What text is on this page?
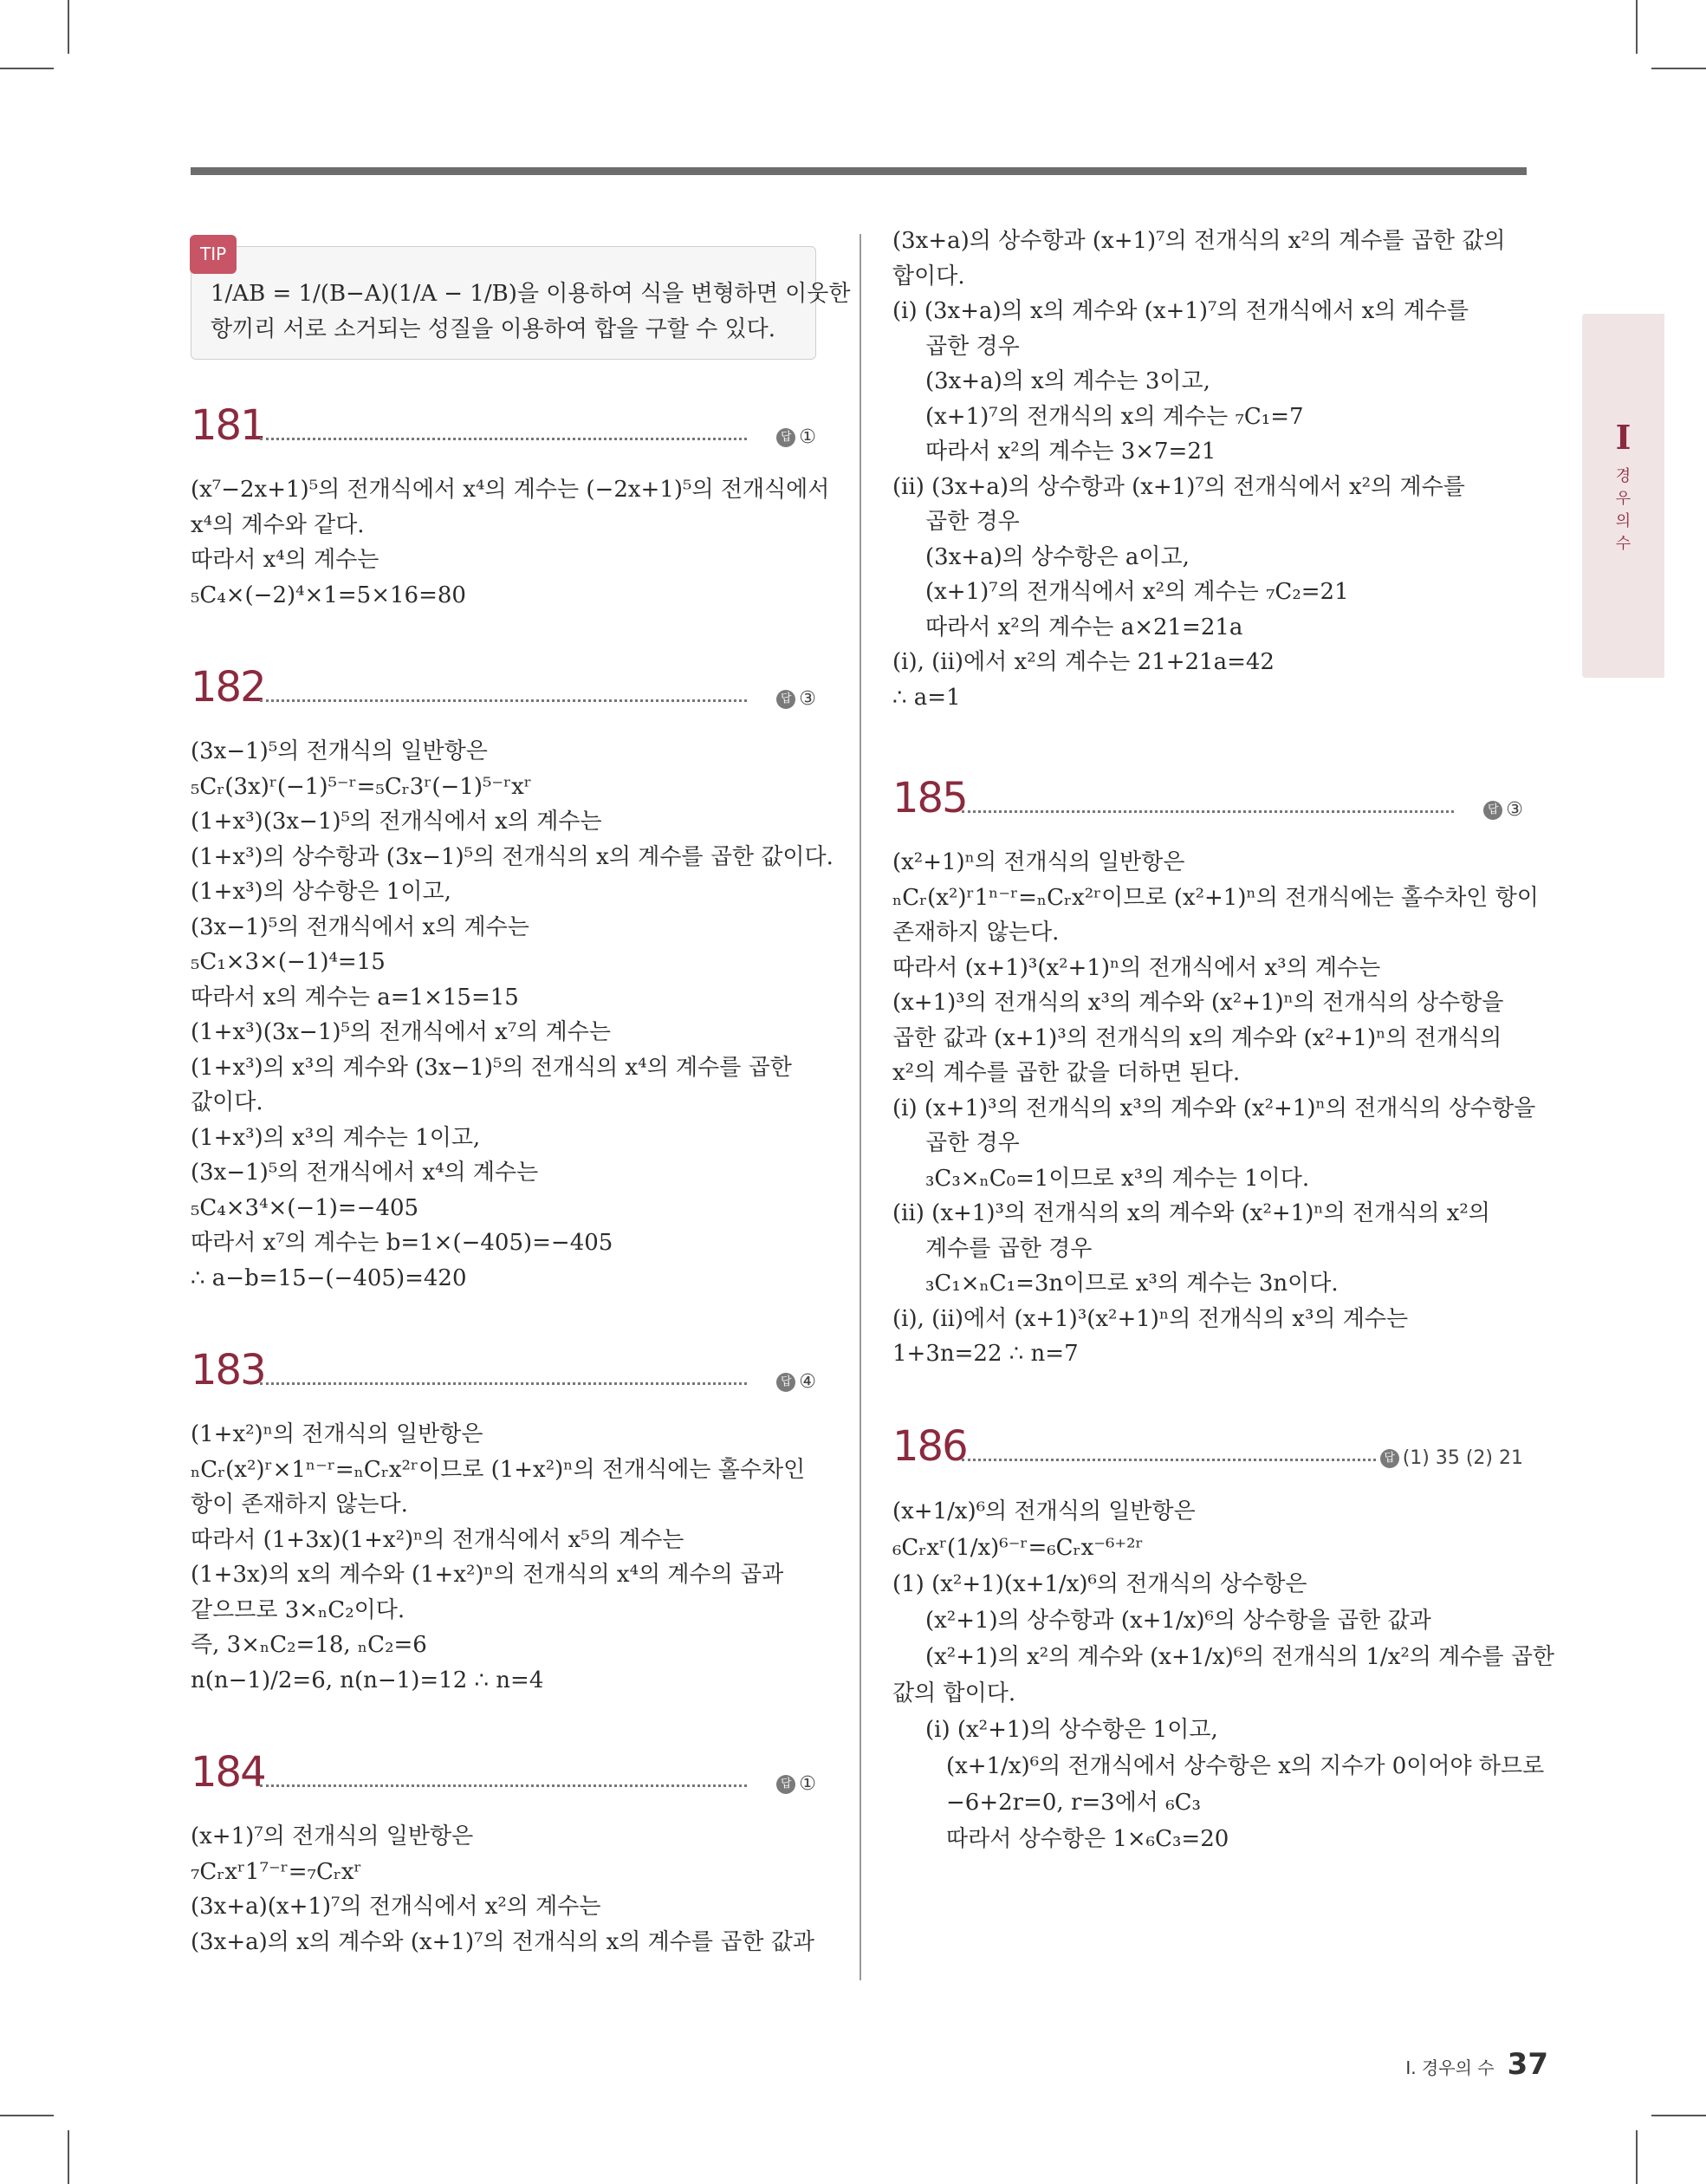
TIP
1/AB = 1/(B−A)(1/A − 1/B)을 이용하여 식을 변형하면 이웃한
항끼리 서로 소거되는 성질을 이용하여 합을 구할 수 있다.
181	답 ①
(x⁷−2x+1)⁵의 전개식에서 x⁴의 계수는 (−2x+1)⁵의 전개식에서
x⁴의 계수와 같다.
따라서 x⁴의 계수는
₅C₄×(−2)⁴×1=5×16=80
182	답 ③
(3x−1)⁵의 전개식의 일반항은
₅Cᵣ(3x)ʳ(−1)⁵⁻ʳ=₅Cᵣ3ʳ(−1)⁵⁻ʳxʳ
(1+x³)(3x−1)⁵의 전개식에서 x의 계수는
(1+x³)의 상수항과 (3x−1)⁵의 전개식의 x의 계수를 곱한 값이다.
(1+x³)의 상수항은 1이고,
(3x−1)⁵의 전개식에서 x의 계수는
₅C₁×3×(−1)⁴=15
따라서 x의 계수는 a=1×15=15
(1+x³)(3x−1)⁵의 전개식에서 x⁷의 계수는
(1+x³)의 x³의 계수와 (3x−1)⁵의 전개식의 x⁴의 계수를 곱한
값이다.
(1+x³)의 x³의 계수는 1이고,
(3x−1)⁵의 전개식에서 x⁴의 계수는
₅C₄×3⁴×(−1)=−405
따라서 x⁷의 계수는 b=1×(−405)=−405
∴ a−b=15−(−405)=420
183	답 ④
(1+x²)ⁿ의 전개식의 일반항은
ₙCᵣ(x²)ʳ×1ⁿ⁻ʳ=ₙCᵣx²ʳ이므로 (1+x²)ⁿ의 전개식에는 홀수차인
항이 존재하지 않는다.
따라서 (1+3x)(1+x²)ⁿ의 전개식에서 x⁵의 계수는
(1+3x)의 x의 계수와 (1+x²)ⁿ의 전개식의 x⁴의 계수의 곱과
같으므로 3×ₙC₂이다.
즉, 3×ₙC₂=18, ₙC₂=6
n(n−1)/2=6, n(n−1)=12 ∴ n=4
184	답 ①
(x+1)⁷의 전개식의 일반항은
₇Cᵣxʳ1⁷⁻ʳ=₇Cᵣxʳ
(3x+a)(x+1)⁷의 전개식에서 x²의 계수는
(3x+a)의 x의 계수와 (x+1)⁷의 전개식의 x의 계수를 곱한 값과
(3x+a)의 상수항과 (x+1)⁷의 전개식의 x²의 계수를 곱한 값의
합이다.
(i) (3x+a)의 x의 계수와 (x+1)⁷의 전개식에서 x의 계수를
곱한 경우
(3x+a)의 x의 계수는 3이고,
(x+1)⁷의 전개식의 x의 계수는 ₇C₁=7
따라서 x²의 계수는 3×7=21
(ii) (3x+a)의 상수항과 (x+1)⁷의 전개식에서 x²의 계수를
곱한 경우
(3x+a)의 상수항은 a이고,
(x+1)⁷의 전개식에서 x²의 계수는 ₇C₂=21
따라서 x²의 계수는 a×21=21a
(i), (ii)에서 x²의 계수는 21+21a=42
∴ a=1
185	답 ③
(x²+1)ⁿ의 전개식의 일반항은
ₙCᵣ(x²)ʳ1ⁿ⁻ʳ=ₙCᵣx²ʳ이므로 (x²+1)ⁿ의 전개식에는 홀수차인 항이
존재하지 않는다.
따라서 (x+1)³(x²+1)ⁿ의 전개식에서 x³의 계수는
(x+1)³의 전개식의 x³의 계수와 (x²+1)ⁿ의 전개식의 상수항을
곱한 값과 (x+1)³의 전개식의 x의 계수와 (x²+1)ⁿ의 전개식의
x²의 계수를 곱한 값을 더하면 된다.
(i) (x+1)³의 전개식의 x³의 계수와 (x²+1)ⁿ의 전개식의 상수항을
곱한 경우
₃C₃×ₙC₀=1이므로 x³의 계수는 1이다.
(ii) (x+1)³의 전개식의 x의 계수와 (x²+1)ⁿ의 전개식의 x²의
계수를 곱한 경우
₃C₁×ₙC₁=3n이므로 x³의 계수는 3n이다.
(i), (ii)에서 (x+1)³(x²+1)ⁿ의 전개식의 x³의 계수는
1+3n=22 ∴ n=7
186	답 (1) 35 (2) 21
(x+1/x)⁶의 전개식의 일반항은
₆Cᵣxʳ(1/x)⁶⁻ʳ=₆Cᵣx⁻⁶⁺²ʳ
(1) (x²+1)(x+1/x)⁶의 전개식의 상수항은
(x²+1)의 상수항과 (x+1/x)⁶의 상수항을 곱한 값과
(x²+1)의 x²의 계수와 (x+1/x)⁶의 전개식의 1/x²의 계수를 곱한
값의 합이다.
(i) (x²+1)의 상수항은 1이고,
(x+1/x)⁶의 전개식에서 상수항은 x의 지수가 0이어야 하므로
−6+2r=0, r=3에서 ₆C₃
따라서 상수항은 1×₆C₃=20
I
경
우
의
수
I. 경우의 수 37
